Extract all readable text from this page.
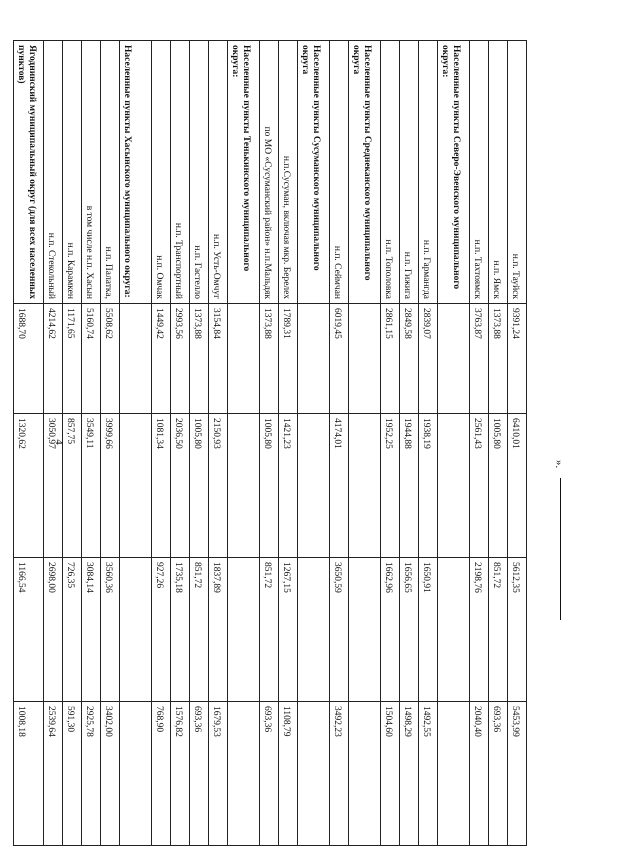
4
н.п. Тауйск	9391,24	6410,01	5612,35	5453,99
н.п. Ямск	1373,88	1005,80	851,72	693,36
н.п. Тахтоямск	3763,87	2561,43	2198,76	2040,40
Населенные пункты Северо-Эвенского муниципального округа:				
н.п. Гармангда	2839,07	1938,19	1650,91	1492,55
н.п. Гижига	2849,58	1944,88	1656,65	1498,29
н.п. Тополовка	2861,15	1952,25	1662,96	1504,60
Населенные пункты Среднеканского муниципального округа				
н.п. Сеймчан	6019,45	4174,01	3650,59	3492,23
Населенные пункты Сусуманского муниципального округа				
н.п.Сусуман, включая мкр. Берелех	1789,31	1421,23	1267,15	1108,79
по МО «Сусуманский район» н.п.Мальдяк	1373,88	1005,80	851,72	693,36
Населенные пункты Тенькинского муниципального округа:				
н.п. Усть-Омчуг	3154,84	2150,93	1837,89	1679,53
н.п. Гастелло	1373,88	1005,80	851,72	693,36
н.п. Транспортный	2993,56	2036,50	1735,18	1576,82
н.п. Омчак	1449,42	1081,34	927,26	768,90
Населенные пункты Хасынского муниципального округа:				
н.п. Палатка,	5508,62	3999,66	3560,36	3402,00
в том числе н.п. Хасын	5160,74	3549,11	3084,14	2925,78
н.п. Карамкен	1171,65	857,75	726,35	591,30
н.п. Стекольный	4214,62	3050,97	2698,00	2539,64
Ягоднинский муниципальный округ (для всех населенных пунктов)	1688,70	1320,62	1166,54	1008,18
».
